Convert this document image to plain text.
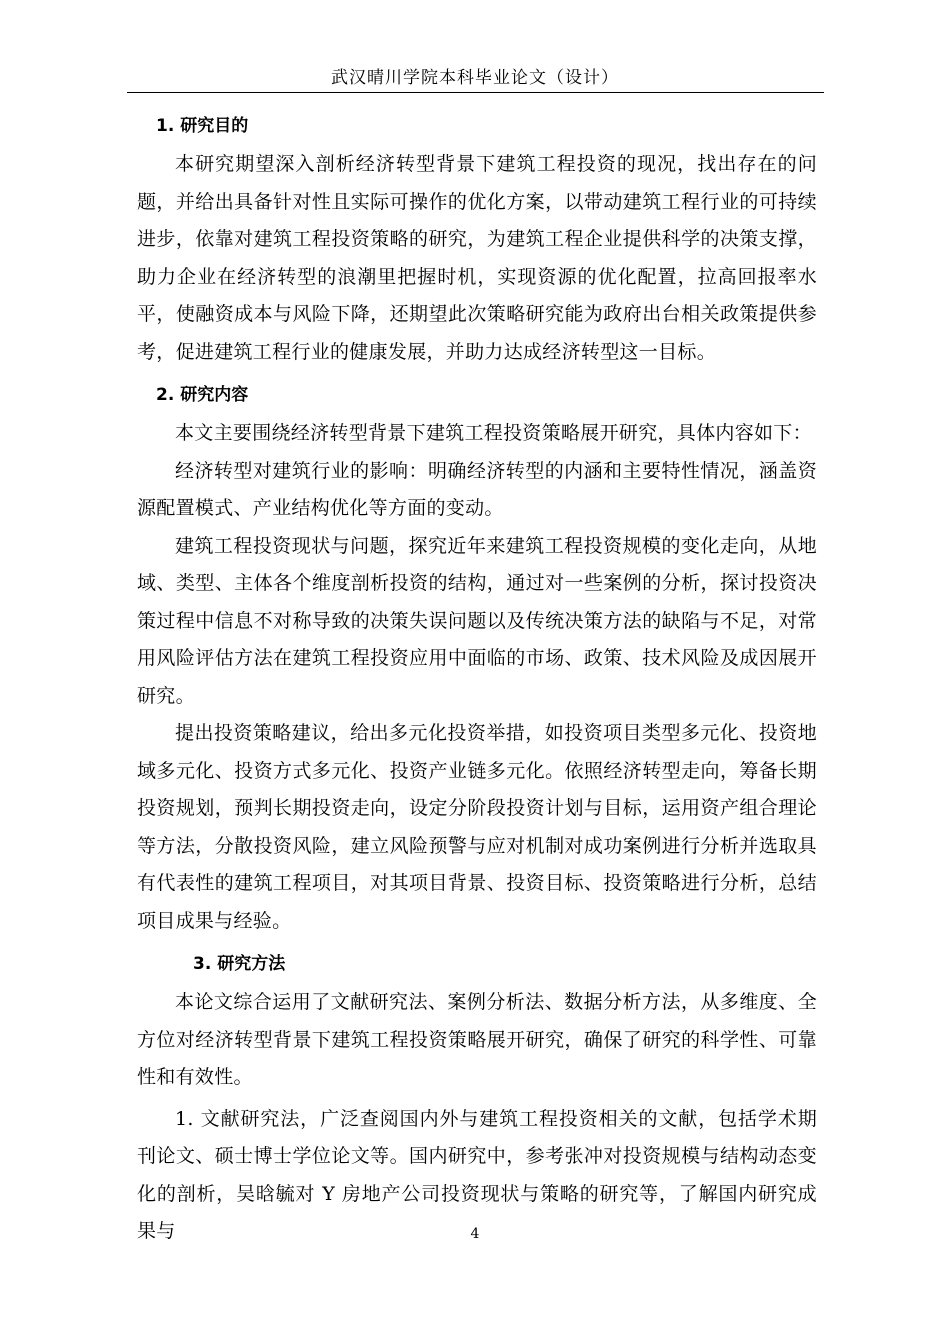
武汉晴川学院本科毕业论文（设计）
1. 研究目的

本研究期望深入剖析经济转型背景下建筑工程投资的现况，找出存在的问题，并给出具备针对性且实际可操作的优化方案，以带动建筑工程行业的可持续进步，依靠对建筑工程投资策略的研究，为建筑工程企业提供科学的决策支撑，助力企业在经济转型的浪潮里把握时机，实现资源的优化配置，拉高回报率水平，使融资成本与风险下降，还期望此次策略研究能为政府出台相关政策提供参考，促进建筑工程行业的健康发展，并助力达成经济转型这一目标。

2. 研究内容

本文主要围绕经济转型背景下建筑工程投资策略展开研究，具体内容如下：

经济转型对建筑行业的影响：明确经济转型的内涵和主要特性情况，涵盖资源配置模式、产业结构优化等方面的变动。

建筑工程投资现状与问题，探究近年来建筑工程投资规模的变化走向，从地域、类型、主体各个维度剖析投资的结构，通过对一些案例的分析，探讨投资决策过程中信息不对称导致的决策失误问题以及传统决策方法的缺陷与不足，对常用风险评估方法在建筑工程投资应用中面临的市场、政策、技术风险及成因展开研究。

提出投资策略建议，给出多元化投资举措，如投资项目类型多元化、投资地域多元化、投资方式多元化、投资产业链多元化。依照经济转型走向，筹备长期投资规划，预判长期投资走向，设定分阶段投资计划与目标，运用资产组合理论等方法，分散投资风险，建立风险预警与应对机制对成功案例进行分析并选取具有代表性的建筑工程项目，对其项目背景、投资目标、投资策略进行分析，总结项目成果与经验。

3. 研究方法

本论文综合运用了文献研究法、案例分析法、数据分析方法，从多维度、全方位对经济转型背景下建筑工程投资策略展开研究，确保了研究的科学性、可靠性和有效性。

1. 文献研究法，广泛查阅国内外与建筑工程投资相关的文献，包括学术期刊论文、硕士博士学位论文等。国内研究中，参考张冲对投资规模与结构动态变化的剖析，吴晗毓对 Y 房地产公司投资现状与策略的研究等，了解国内研究成果与	4
